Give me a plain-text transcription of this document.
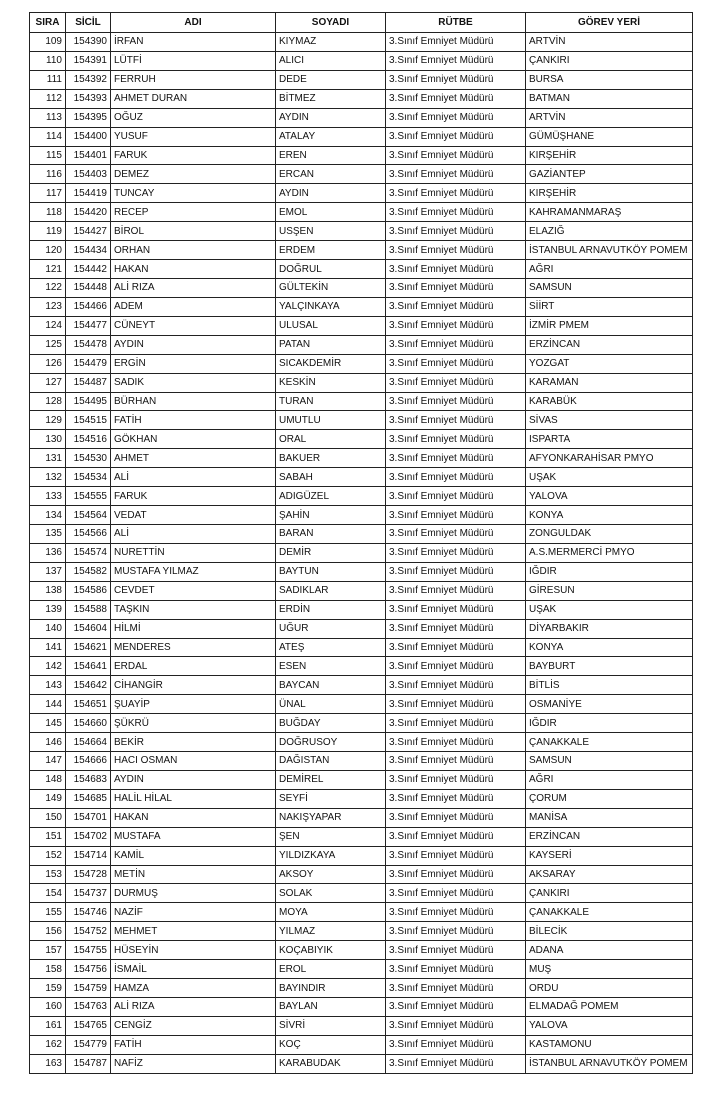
SIRA	SİCİL	ADI	SOYADI	RÜTBE	GÖREV YERİ
109	154390	İRFAN	KIYMAZ	3.Sınıf Emniyet Müdürü	ARTVİN
110	154391	LÜTFİ	ALICI	3.Sınıf Emniyet Müdürü	ÇANKIRI
111	154392	FERRUH	DEDE	3.Sınıf Emniyet Müdürü	BURSA
112	154393	AHMET DURAN	BİTMEZ	3.Sınıf Emniyet Müdürü	BATMAN
113	154395	OĞUZ	AYDIN	3.Sınıf Emniyet Müdürü	ARTVİN
114	154400	YUSUF	ATALAY	3.Sınıf Emniyet Müdürü	GÜMÜŞHANE
115	154401	FARUK	EREN	3.Sınıf Emniyet Müdürü	KIRŞEHİR
116	154403	DEMEZ	ERCAN	3.Sınıf Emniyet Müdürü	GAZİANTEP
117	154419	TUNCAY	AYDIN	3.Sınıf Emniyet Müdürü	KIRŞEHİR
118	154420	RECEP	EMOL	3.Sınıf Emniyet Müdürü	KAHRAMANMARAŞ
119	154427	BİROL	USŞEN	3.Sınıf Emniyet Müdürü	ELAZIĞ
120	154434	ORHAN	ERDEM	3.Sınıf Emniyet Müdürü	İSTANBUL ARNAVUTKÖY POMEM
121	154442	HAKAN	DOĞRUL	3.Sınıf Emniyet Müdürü	AĞRI
122	154448	ALİ RIZA	GÜLTEKİN	3.Sınıf Emniyet Müdürü	SAMSUN
123	154466	ADEM	YALÇINKAYA	3.Sınıf Emniyet Müdürü	SİİRT
124	154477	CÜNEYT	ULUSAL	3.Sınıf Emniyet Müdürü	İZMİR PMEM
125	154478	AYDIN	PATAN	3.Sınıf Emniyet Müdürü	ERZİNCAN
126	154479	ERGİN	SICAKDEMİR	3.Sınıf Emniyet Müdürü	YOZGAT
127	154487	SADIK	KESKİN	3.Sınıf Emniyet Müdürü	KARAMAN
128	154495	BÜRHAN	TURAN	3.Sınıf Emniyet Müdürü	KARABÜK
129	154515	FATİH	UMUTLU	3.Sınıf Emniyet Müdürü	SİVAS
130	154516	GÖKHAN	ORAL	3.Sınıf Emniyet Müdürü	ISPARTA
131	154530	AHMET	BAKUER	3.Sınıf Emniyet Müdürü	AFYONKARAHİSAR PMYO
132	154534	ALİ	SABAH	3.Sınıf Emniyet Müdürü	UŞAK
133	154555	FARUK	ADIGÜZEL	3.Sınıf Emniyet Müdürü	YALOVA
134	154564	VEDAT	ŞAHİN	3.Sınıf Emniyet Müdürü	KONYA
135	154566	ALİ	BARAN	3.Sınıf Emniyet Müdürü	ZONGULDAK
136	154574	NURETTİN	DEMİR	3.Sınıf Emniyet Müdürü	A.S.MERMERCİ PMYO
137	154582	MUSTAFA YILMAZ	BAYTUN	3.Sınıf Emniyet Müdürü	IĞDIR
138	154586	CEVDET	SADIKLAR	3.Sınıf Emniyet Müdürü	GİRESUN
139	154588	TAŞKIN	ERDİN	3.Sınıf Emniyet Müdürü	UŞAK
140	154604	HİLMİ	UĞUR	3.Sınıf Emniyet Müdürü	DİYARBAKIR
141	154621	MENDERES	ATEŞ	3.Sınıf Emniyet Müdürü	KONYA
142	154641	ERDAL	ESEN	3.Sınıf Emniyet Müdürü	BAYBURT
143	154642	CİHANGİR	BAYCAN	3.Sınıf Emniyet Müdürü	BİTLİS
144	154651	ŞUAYİP	ÜNAL	3.Sınıf Emniyet Müdürü	OSMANİYE
145	154660	ŞÜKRÜ	BUĞDAY	3.Sınıf Emniyet Müdürü	IĞDIR
146	154664	BEKİR	DOĞRUSOY	3.Sınıf Emniyet Müdürü	ÇANAKKALE
147	154666	HACI OSMAN	DAĞISTAN	3.Sınıf Emniyet Müdürü	SAMSUN
148	154683	AYDIN	DEMİREL	3.Sınıf Emniyet Müdürü	AĞRI
149	154685	HALİL HİLAL	SEYFİ	3.Sınıf Emniyet Müdürü	ÇORUM
150	154701	HAKAN	NAKIŞYAPAR	3.Sınıf Emniyet Müdürü	MANİSA
151	154702	MUSTAFA	ŞEN	3.Sınıf Emniyet Müdürü	ERZİNCAN
152	154714	KAMİL	YILDIZKAYA	3.Sınıf Emniyet Müdürü	KAYSERİ
153	154728	METİN	AKSOY	3.Sınıf Emniyet Müdürü	AKSARAY
154	154737	DURMUŞ	SOLAK	3.Sınıf Emniyet Müdürü	ÇANKIRI
155	154746	NAZİF	MOYA	3.Sınıf Emniyet Müdürü	ÇANAKKALE
156	154752	MEHMET	YILMAZ	3.Sınıf Emniyet Müdürü	BİLECİK
157	154755	HÜSEYİN	KOÇABIYIK	3.Sınıf Emniyet Müdürü	ADANA
158	154756	İSMAİL	EROL	3.Sınıf Emniyet Müdürü	MUŞ
159	154759	HAMZA	BAYINDIR	3.Sınıf Emniyet Müdürü	ORDU
160	154763	ALİ RIZA	BAYLAN	3.Sınıf Emniyet Müdürü	ELMADAĞ POMEM
161	154765	CENGİZ	SİVRİ	3.Sınıf Emniyet Müdürü	YALOVA
162	154779	FATİH	KOÇ	3.Sınıf Emniyet Müdürü	KASTAMONU
163	154787	NAFİZ	KARABUDAK	3.Sınıf Emniyet Müdürü	İSTANBUL ARNAVUTKÖY POMEM
